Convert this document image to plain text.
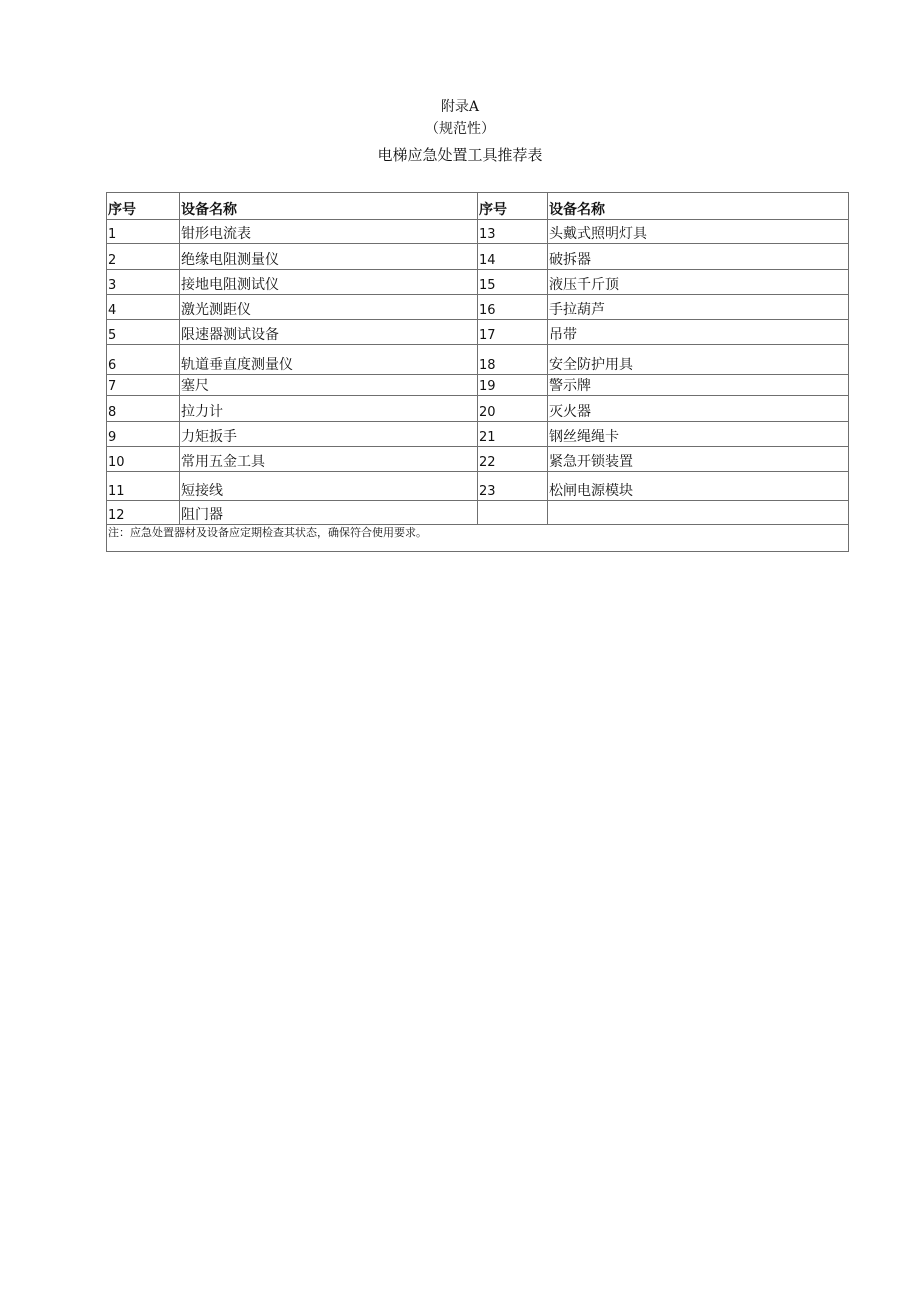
附录A
（规范性）
电梯应急处置工具推荐表
序号	设备名称	序号	设备名称
1	钳形电流表	13	头戴式照明灯具
2	绝缘电阻测量仪	14	破拆器
3	接地电阻测试仪	15	液压千斤顶
4	激光测距仪	16	手拉葫芦
5	限速器测试设备	17	吊带
6	轨道垂直度测量仪	18	安全防护用具
7	塞尺	19	警示牌
8	拉力计	20	灭火器
9	力矩扳手	21	钢丝绳绳卡
10	常用五金工具	22	紧急开锁装置
11	短接线	23	松闸电源模块
12	阻门器		
注：应急处置器材及设备应定期检查其状态，确保符合使用要求。			
